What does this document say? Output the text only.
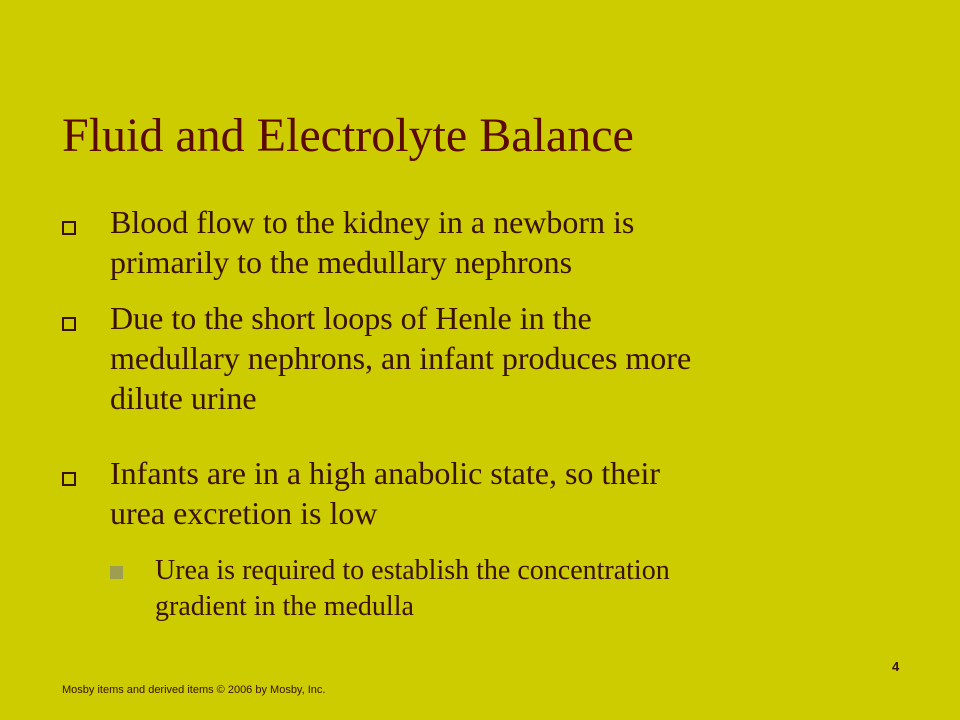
Fluid and Electrolyte Balance
Blood flow to the kidney in a newborn is
primarily to the medullary nephrons
Due to the short loops of Henle in the
medullary nephrons, an infant produces more
dilute urine
Infants are in a high anabolic state, so their
urea excretion is low
Urea is required to establish the concentration
gradient in the medulla
4
Mosby items and derived items © 2006 by Mosby, Inc.
